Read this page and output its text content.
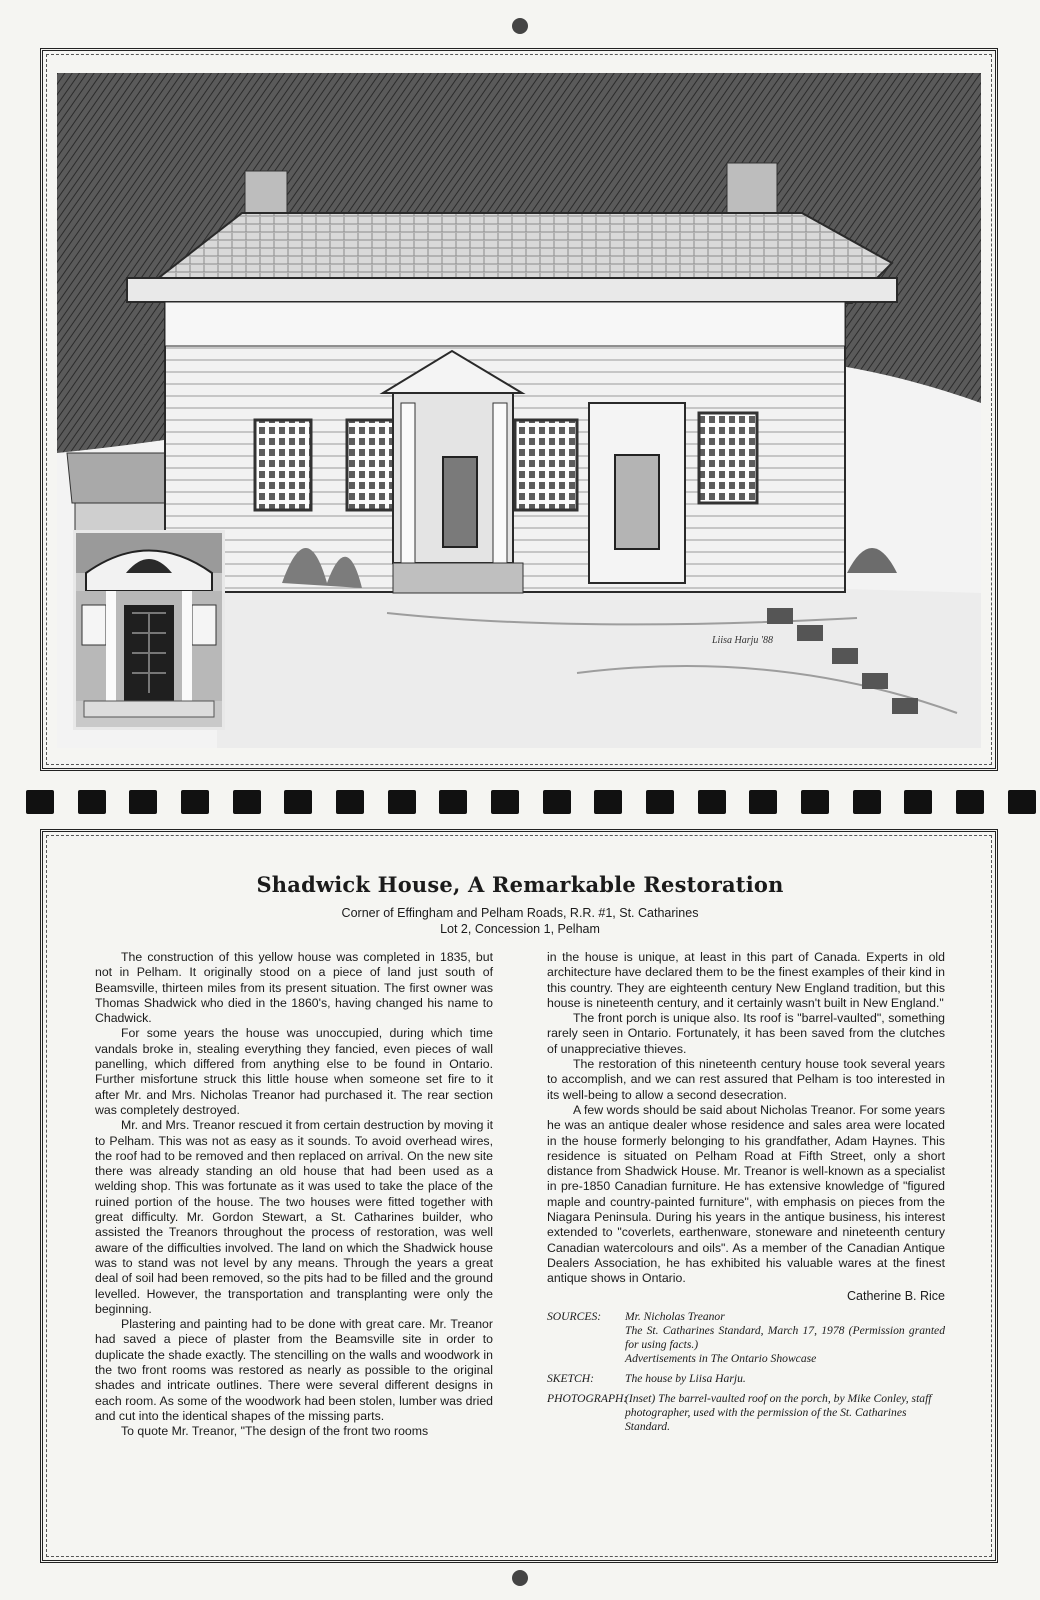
Liisa Harju '88
Shadwick House, A Remarkable Restoration
Corner of Effingham and Pelham Roads, R.R. #1, St. Catharines
Lot 2, Concession 1, Pelham

The construction of this yellow house was completed in 1835, but not in Pelham. It originally stood on a piece of land just south of Beamsville, thirteen miles from its present situation. The first owner was Thomas Shadwick who died in the 1860's, having changed his name to Chadwick.

For some years the house was unoccupied, during which time vandals broke in, stealing everything they fancied, even pieces of wall panelling, which differed from anything else to be found in Ontario. Further misfortune struck this little house when someone set fire to it after Mr. and Mrs. Nicholas Treanor had purchased it. The rear section was completely destroyed.

Mr. and Mrs. Treanor rescued it from certain destruction by moving it to Pelham. This was not as easy as it sounds. To avoid overhead wires, the roof had to be removed and then replaced on arrival. On the new site there was already standing an old house that had been used as a welding shop. This was fortunate as it was used to take the place of the ruined portion of the house. The two houses were fitted together with great difficulty. Mr. Gordon Stewart, a St. Catharines builder, who assisted the Treanors throughout the process of restoration, was well aware of the difficulties involved. The land on which the Shadwick house was to stand was not level by any means. Through the years a great deal of soil had been removed, so the pits had to be filled and the ground levelled. However, the transportation and transplanting were only the beginning.

Plastering and painting had to be done with great care. Mr. Treanor had saved a piece of plaster from the Beamsville site in order to duplicate the shade exactly. The stencilling on the walls and woodwork in the two front rooms was restored as nearly as possible to the original shades and intricate outlines. There were several different designs in each room. As some of the woodwork had been stolen, lumber was dried and cut into the identical shapes of the missing parts.

To quote Mr. Treanor, "The design of the front two rooms

in the house is unique, at least in this part of Canada. Experts in old architecture have declared them to be the finest examples of their kind in this country. They are eighteenth century New England tradition, but this house is nineteenth century, and it certainly wasn't built in New England."

The front porch is unique also. Its roof is "barrel-vaulted", something rarely seen in Ontario. Fortunately, it has been saved from the clutches of unappreciative thieves.

The restoration of this nineteenth century house took several years to accomplish, and we can rest assured that Pelham is too interested in its well-being to allow a second desecration.

A few words should be said about Nicholas Treanor. For some years he was an antique dealer whose residence and sales area were located in the house formerly belonging to his grandfather, Adam Haynes. This residence is situated on Pelham Road at Fifth Street, only a short distance from Shadwick House. Mr. Treanor is well-known as a specialist in pre-1850 Canadian furniture. He has extensive knowledge of "figured maple and country-painted furniture", with emphasis on pieces from the Niagara Peninsula. During his years in the antique business, his interest extended to "coverlets, earthenware, stoneware and nineteenth century Canadian watercolours and oils". As a member of the Canadian Antique Dealers Association, he has exhibited his valuable wares at the finest antique shows in Ontario.

Catherine B. Rice
SOURCES:	Mr. Nicholas Treanor
The St. Catharines Standard, March 17, 1978 (Permission granted for using facts.)
Advertisements in The Ontario Showcase
SKETCH:	The house by Liisa Harju.
PHOTOGRAPH:
(Inset) The barrel-vaulted roof on the porch, by Mike Conley, staff photographer, used with the permission of the St. Catharines Standard.
